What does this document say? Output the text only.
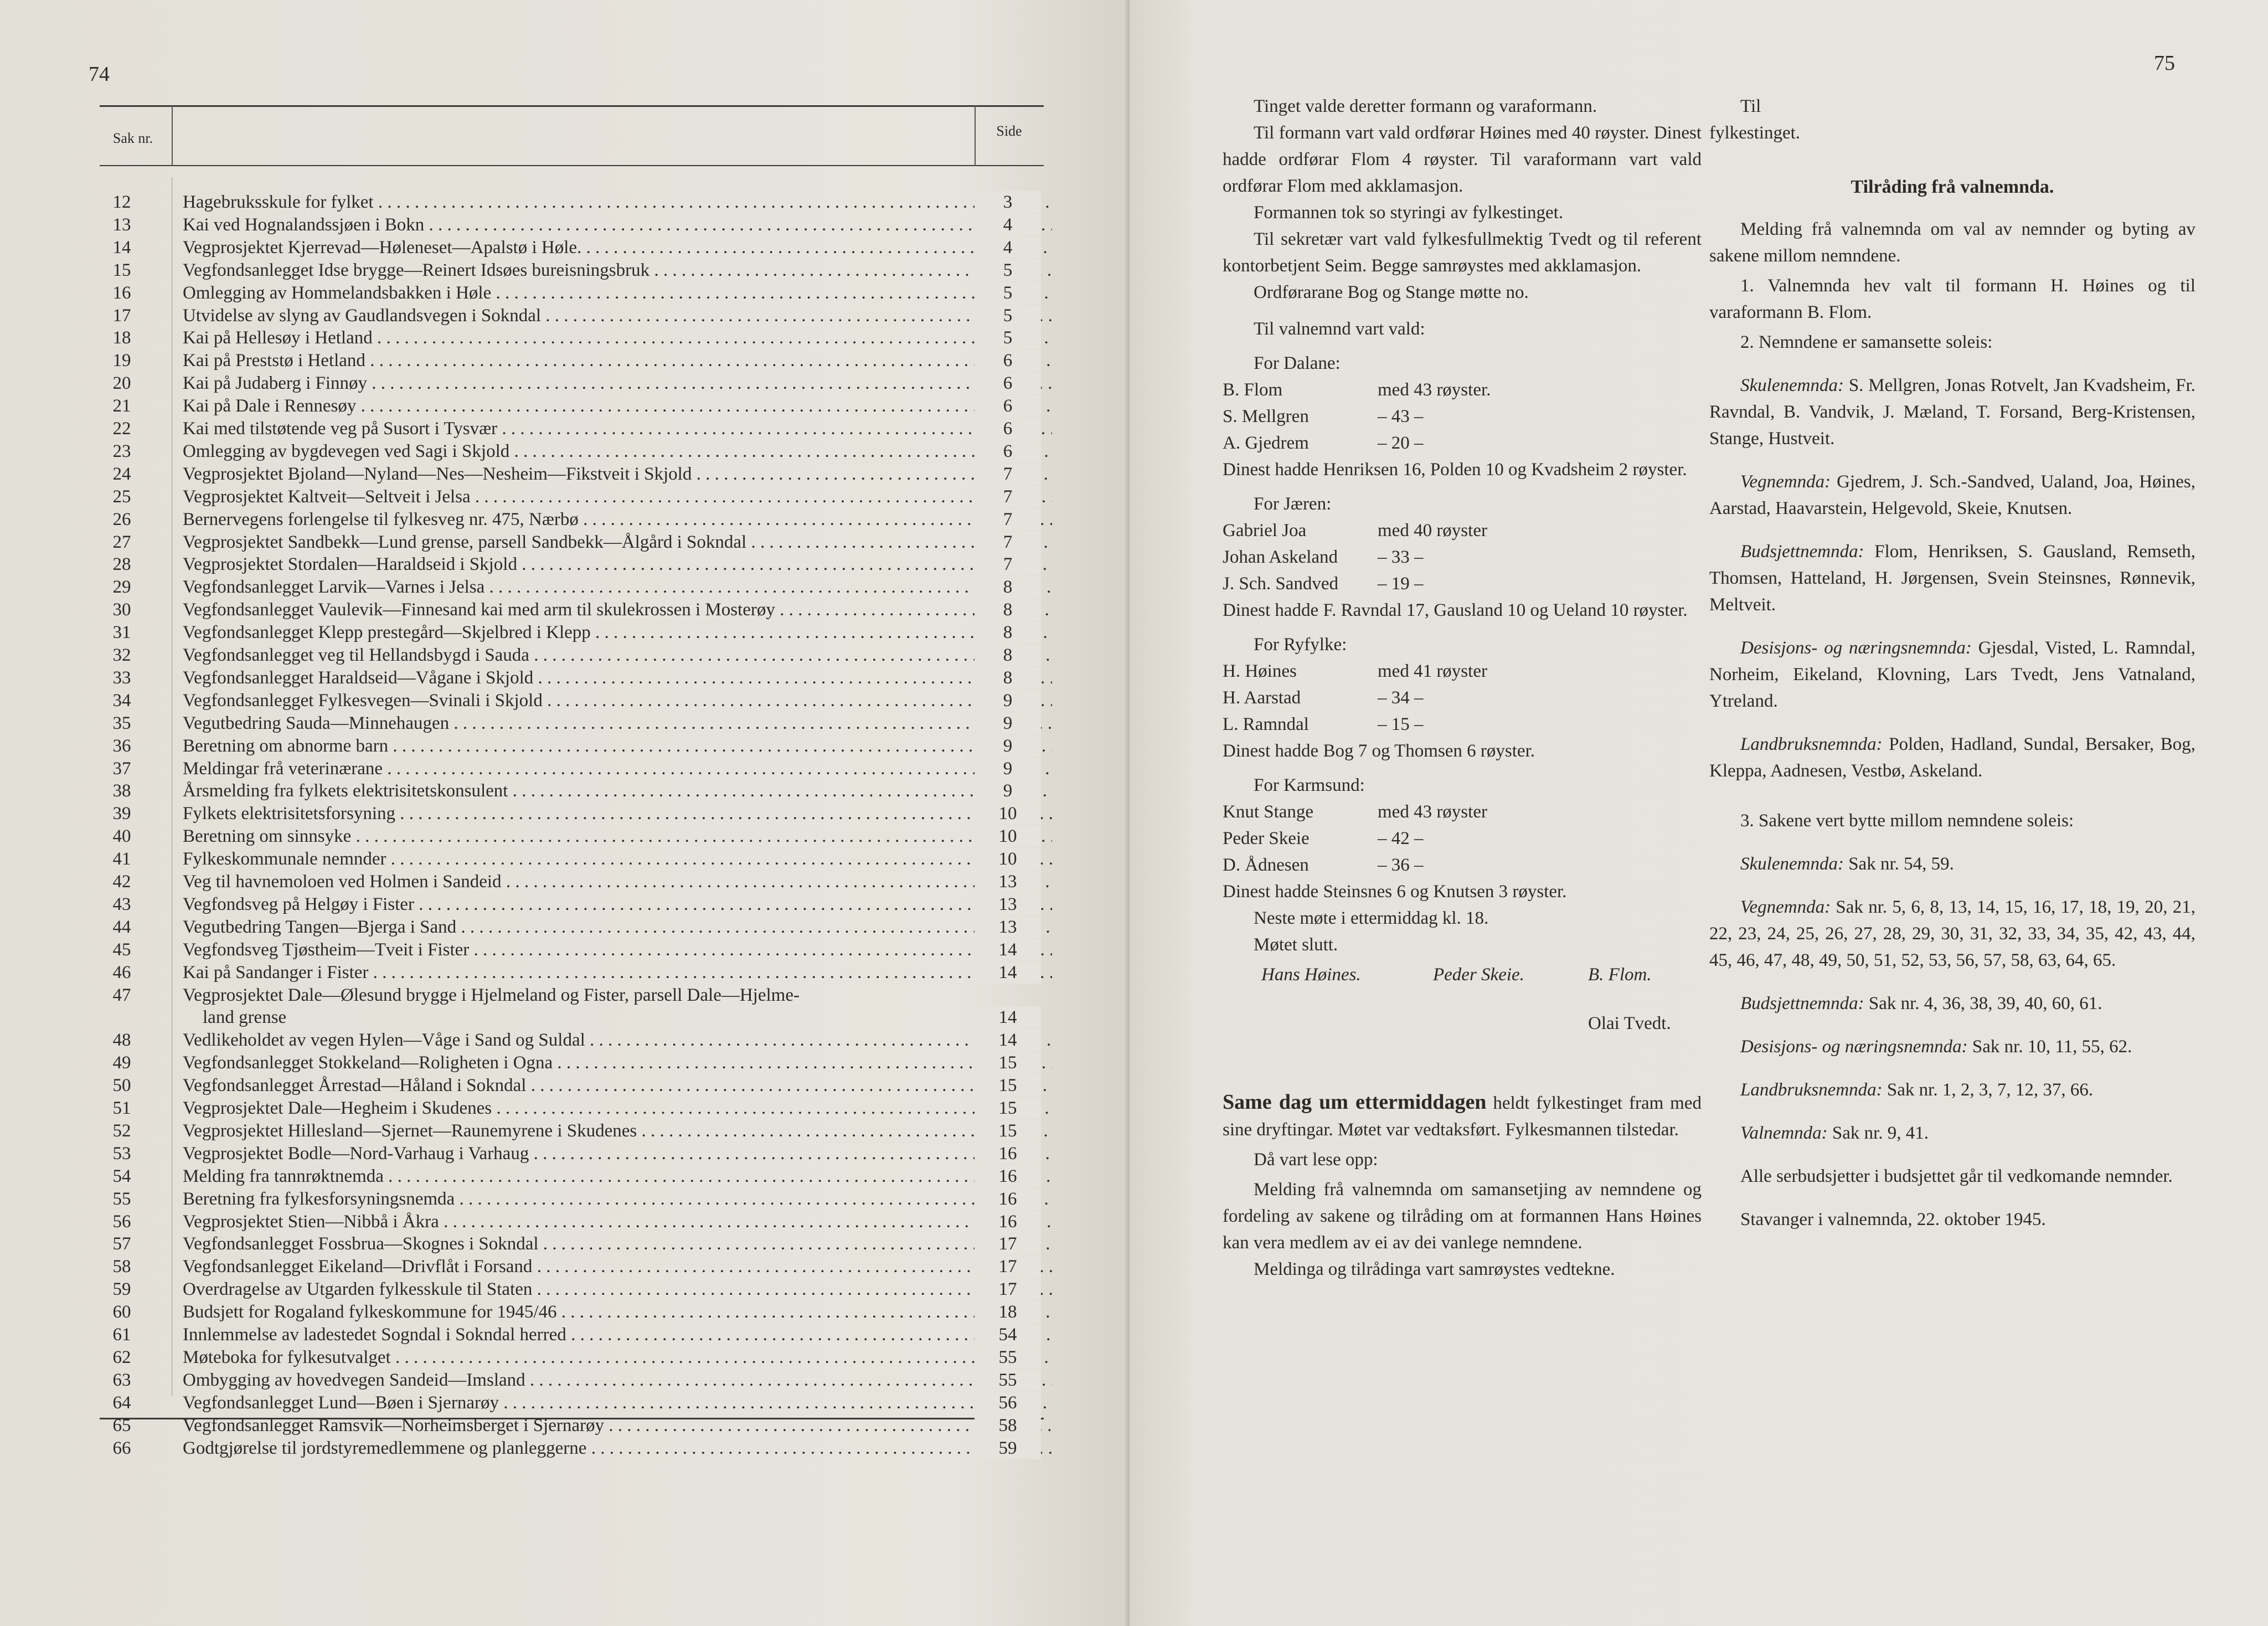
74
Sak nr.	Side
12	Hagebruksskule for fylket . . .	3
13	Kai ved Hognalandssjøen i Bokn . . .	4
14	Vegprosjektet Kjerrevad—Høleneset—Apalstø i Høle. . . .	4
15	Vegfondsanlegget Idse brygge—Reinert Idsøes bureisningsbruk . . .	5
16	Omlegging av Hommelandsbakken i Høle . . .	5
17	Utvidelse av slyng av Gaudlandsvegen i Sokndal . . .	5
18	Kai på Hellesøy i Hetland . . .	5
19	Kai på Preststø i Hetland . . .	6
20	Kai på Judaberg i Finnøy . . .	6
21	Kai på Dale i Rennesøy . . .	6
22	Kai med tilstøtende veg på Susort i Tysvær . . .	6
23	Omlegging av bygdevegen ved Sagi i Skjold . . .	6
24	Vegprosjektet Bjoland—Nyland—Nes—Nesheim—Fikstveit i Skjold . . .	7
25	Vegprosjektet Kaltveit—Seltveit i Jelsa . . .	7
26	Bernervegens forlengelse til fylkesveg nr. 475, Nærbø . . .	7
27	Vegprosjektet Sandbekk—Lund grense, parsell Sandbekk—Ålgård i Sokndal . . .	7
28	Vegprosjektet Stordalen—Haraldseid i Skjold . . .	7
29	Vegfondsanlegget Larvik—Varnes i Jelsa . . .	8
30	Vegfondsanlegget Vaulevik—Finnesand kai med arm til skulekrossen i Mosterøy . . .	8
31	Vegfondsanlegget Klepp prestegård—Skjelbred i Klepp . . .	8
32	Vegfondsanlegget veg til Hellandsbygd i Sauda . . .	8
33	Vegfondsanlegget Haraldseid—Vågane i Skjold . . .	8
34	Vegfondsanlegget Fylkesvegen—Svinali i Skjold . . .	9
35	Vegutbedring Sauda—Minnehaugen . . .	9
36	Beretning om abnorme barn . . .	9
37	Meldingar frå veterinærane . . .	9
38	Årsmelding fra fylkets elektrisitetskonsulent . . .	9
39	Fylkets elektrisitetsforsyning . . .	10
40	Beretning om sinnsyke . . .	10
41	Fylkeskommunale nemnder . . .	10
42	Veg til havnemoloen ved Holmen i Sandeid . . .	13
43	Vegfondsveg på Helgøy i Fister . . .	13
44	Vegutbedring Tangen—Bjerga i Sand . . .	13
45	Vegfondsveg Tjøstheim—Tveit i Fister . . .	14
46	Kai på Sandanger i Fister . . .	14
47	Vegprosjektet Dale—Ølesund brygge i Hjelmeland og Fister, parsell Dale—Hjelme-
land grense	14
48	Vedlikeholdet av vegen Hylen—Våge i Sand og Suldal . . .	14
49	Vegfondsanlegget Stokkeland—Roligheten i Ogna . . .	15
50	Vegfondsanlegget Årrestad—Håland i Sokndal . . .	15
51	Vegprosjektet Dale—Hegheim i Skudenes . . .	15
52	Vegprosjektet Hillesland—Sjernet—Raunemyrene i Skudenes . . .	15
53	Vegprosjektet Bodle—Nord-Varhaug i Varhaug . . .	16
54	Melding fra tannrøktnemda . . .	16
55	Beretning fra fylkesforsyningsnemda . . .	16
56	Vegprosjektet Stien—Nibbå i Åkra . . .	16
57	Vegfondsanlegget Fossbrua—Skognes i Sokndal . . .	17
58	Vegfondsanlegget Eikeland—Drivflåt i Forsand . . .	17
59	Overdragelse av Utgarden fylkesskule til Staten . . .	17
60	Budsjett for Rogaland fylkeskommune for 1945/46 . . .	18
61	Innlemmelse av ladestedet Sogndal i Sokndal herred . . .	54
62	Møteboka for fylkesutvalget . . .	55
63	Ombygging av hovedvegen Sandeid—Imsland . . .	55
64	Vegfondsanlegget Lund—Bøen i Sjernarøy . . .	56
65	Vegfondsanlegget Ramsvik—Norheimsberget i Sjernarøy . . .	58
66	Godtgjørelse til jordstyremedlemmene og planleggerne . . .	59
75

Tinget valde deretter formann og varaformann.

Til formann vart vald ordførar Høines med 40 røyster. Dinest hadde ordførar Flom 4 røyster. Til varaformann vart vald ordførar Flom med akklamasjon.

Formannen tok so styringi av fylkestinget.

Til sekretær vart vald fylkesfullmektig Tvedt og til referent kontorbetjent Seim. Begge samrøystes med akklamasjon.

Ordførarane Bog og Stange møtte no.

Til valnemnd vart vald:

For Dalane:

B. Flom	med 43 røyster.
S. Mellgren	– 43 –
A. Gjedrem	– 20 –

Dinest hadde Henriksen 16, Polden 10 og Kvadsheim 2 røyster.

For Jæren:

Gabriel Joa	med 40 røyster
Johan Askeland – 33 –
J. Sch. Sandved – 19 –

Dinest hadde F. Ravndal 17, Gausland 10 og Ueland 10 røyster.

For Ryfylke:

H. Høines	med 41 røyster
H. Aarstad	– 34 –
L. Ramndal	– 15 –

Dinest hadde Bog 7 og Thomsen 6 røyster.

For Karmsund:

Knut Stange	med 43 røyster
Peder Skeie	– 42 –
D. Ådnesen	– 36 –

Dinest hadde Steinsnes 6 og Knutsen 3 røyster.

Neste møte i ettermiddag kl. 18.

Møtet slutt.

Hans Høines.	Peder Skeie.	B. Flom.
Olai Tvedt.

Same dag um ettermiddagen heldt fylkestinget fram med sine dryftingar. Møtet var vedtaksført. Fylkesmannen tilstedar.

Då vart lese opp:

Melding frå valnemnda om samansetjing av nemndene og fordeling av sakene og tilråding om at formannen Hans Høines kan vera medlem av ei av dei vanlege nemndene.

Meldinga og tilrådinga vart samrøystes vedtekne.

Til

fylkestinget.

Tilråding frå valnemnda.

Melding frå valnemnda om val av nemnder og byting av sakene millom nemndene.

1. Valnemnda hev valt til formann H. Høines og til varaformann B. Flom.

2. Nemndene er samansette soleis:

Skulenemnda: S. Mellgren, Jonas Rotvelt, Jan Kvadsheim, Fr. Ravndal, B. Vandvik, J. Mæland, T. Forsand, Berg-Kristensen, Stange, Hustveit.

Vegnemnda: Gjedrem, J. Sch.-Sandved, Ualand, Joa, Høines, Aarstad, Haavarstein, Helgevold, Skeie, Knutsen.

Budsjettnemnda: Flom, Henriksen, S. Gausland, Remseth, Thomsen, Hatteland, H. Jørgensen, Svein Steinsnes, Rønnevik, Meltveit.

Desisjons- og næringsnemnda: Gjesdal, Visted, L. Ramndal, Norheim, Eikeland, Klovning, Lars Tvedt, Jens Vatnaland, Ytreland.

Landbruksnemnda: Polden, Hadland, Sundal, Bersaker, Bog, Kleppa, Aadnesen, Vestbø, Askeland.

3. Sakene vert bytte millom nemndene soleis:

Skulenemnda: Sak nr. 54, 59.

Vegnemnda: Sak nr. 5, 6, 8, 13, 14, 15, 16, 17, 18, 19, 20, 21, 22, 23, 24, 25, 26, 27, 28, 29, 30, 31, 32, 33, 34, 35, 42, 43, 44, 45, 46, 47, 48, 49, 50, 51, 52, 53, 56, 57, 58, 63, 64, 65.

Budsjettnemnda: Sak nr. 4, 36, 38, 39, 40, 60, 61.

Desisjons- og næringsnemnda: Sak nr. 10, 11, 55, 62.

Landbruksnemnda: Sak nr. 1, 2, 3, 7, 12, 37, 66.

Valnemnda: Sak nr. 9, 41.

Alle serbudsjetter i budsjettet går til vedkomande nemnder.

Stavanger i valnemnda, 22. oktober 1945.
